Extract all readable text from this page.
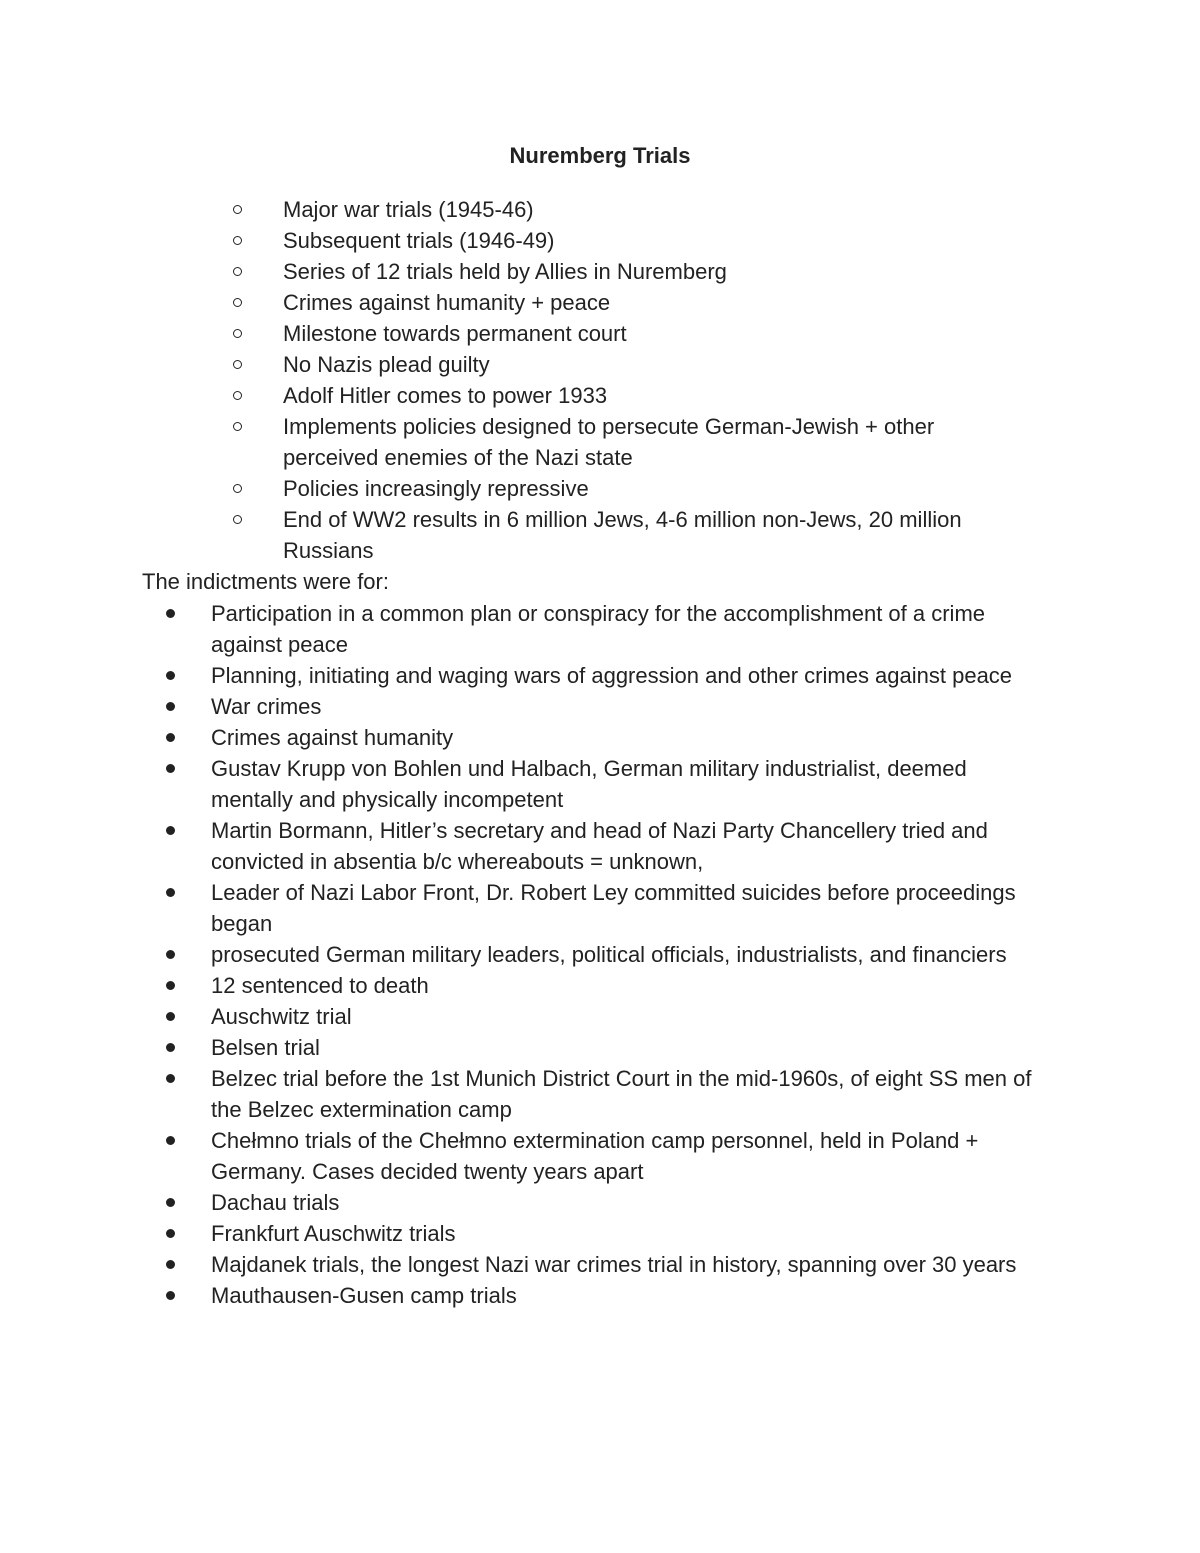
Nuremberg Trials
Major war trials (1945-46)
Subsequent trials (1946-49)
Series of 12 trials held by Allies in Nuremberg
Crimes against humanity + peace
Milestone towards permanent court
No Nazis plead guilty
Adolf Hitler comes to power 1933
Implements policies designed to persecute German-Jewish + other perceived enemies of the Nazi state
Policies increasingly repressive
End of WW2 results in 6 million Jews, 4-6 million non-Jews, 20 million Russians

The indictments were for:

Participation in a common plan or conspiracy for the accomplishment of a crime against peace
Planning, initiating and waging wars of aggression and other crimes against peace
War crimes
Crimes against humanity
Gustav Krupp von Bohlen und Halbach, German military industrialist, deemed mentally and physically incompetent
Martin Bormann, Hitler’s secretary and head of Nazi Party Chancellery tried and convicted in absentia b/c whereabouts = unknown,
Leader of Nazi Labor Front, Dr. Robert Ley committed suicides before proceedings began
prosecuted German military leaders, political officials, industrialists, and financiers
12 sentenced to death
Auschwitz trial
Belsen trial
Belzec trial before the 1st Munich District Court in the mid-1960s, of eight SS men of the Belzec extermination camp
Chełmno trials of the Chełmno extermination camp personnel, held in Poland + Germany. Cases decided twenty years apart
Dachau trials
Frankfurt Auschwitz trials
Majdanek trials, the longest Nazi war crimes trial in history, spanning over 30 years
Mauthausen-Gusen camp trials
